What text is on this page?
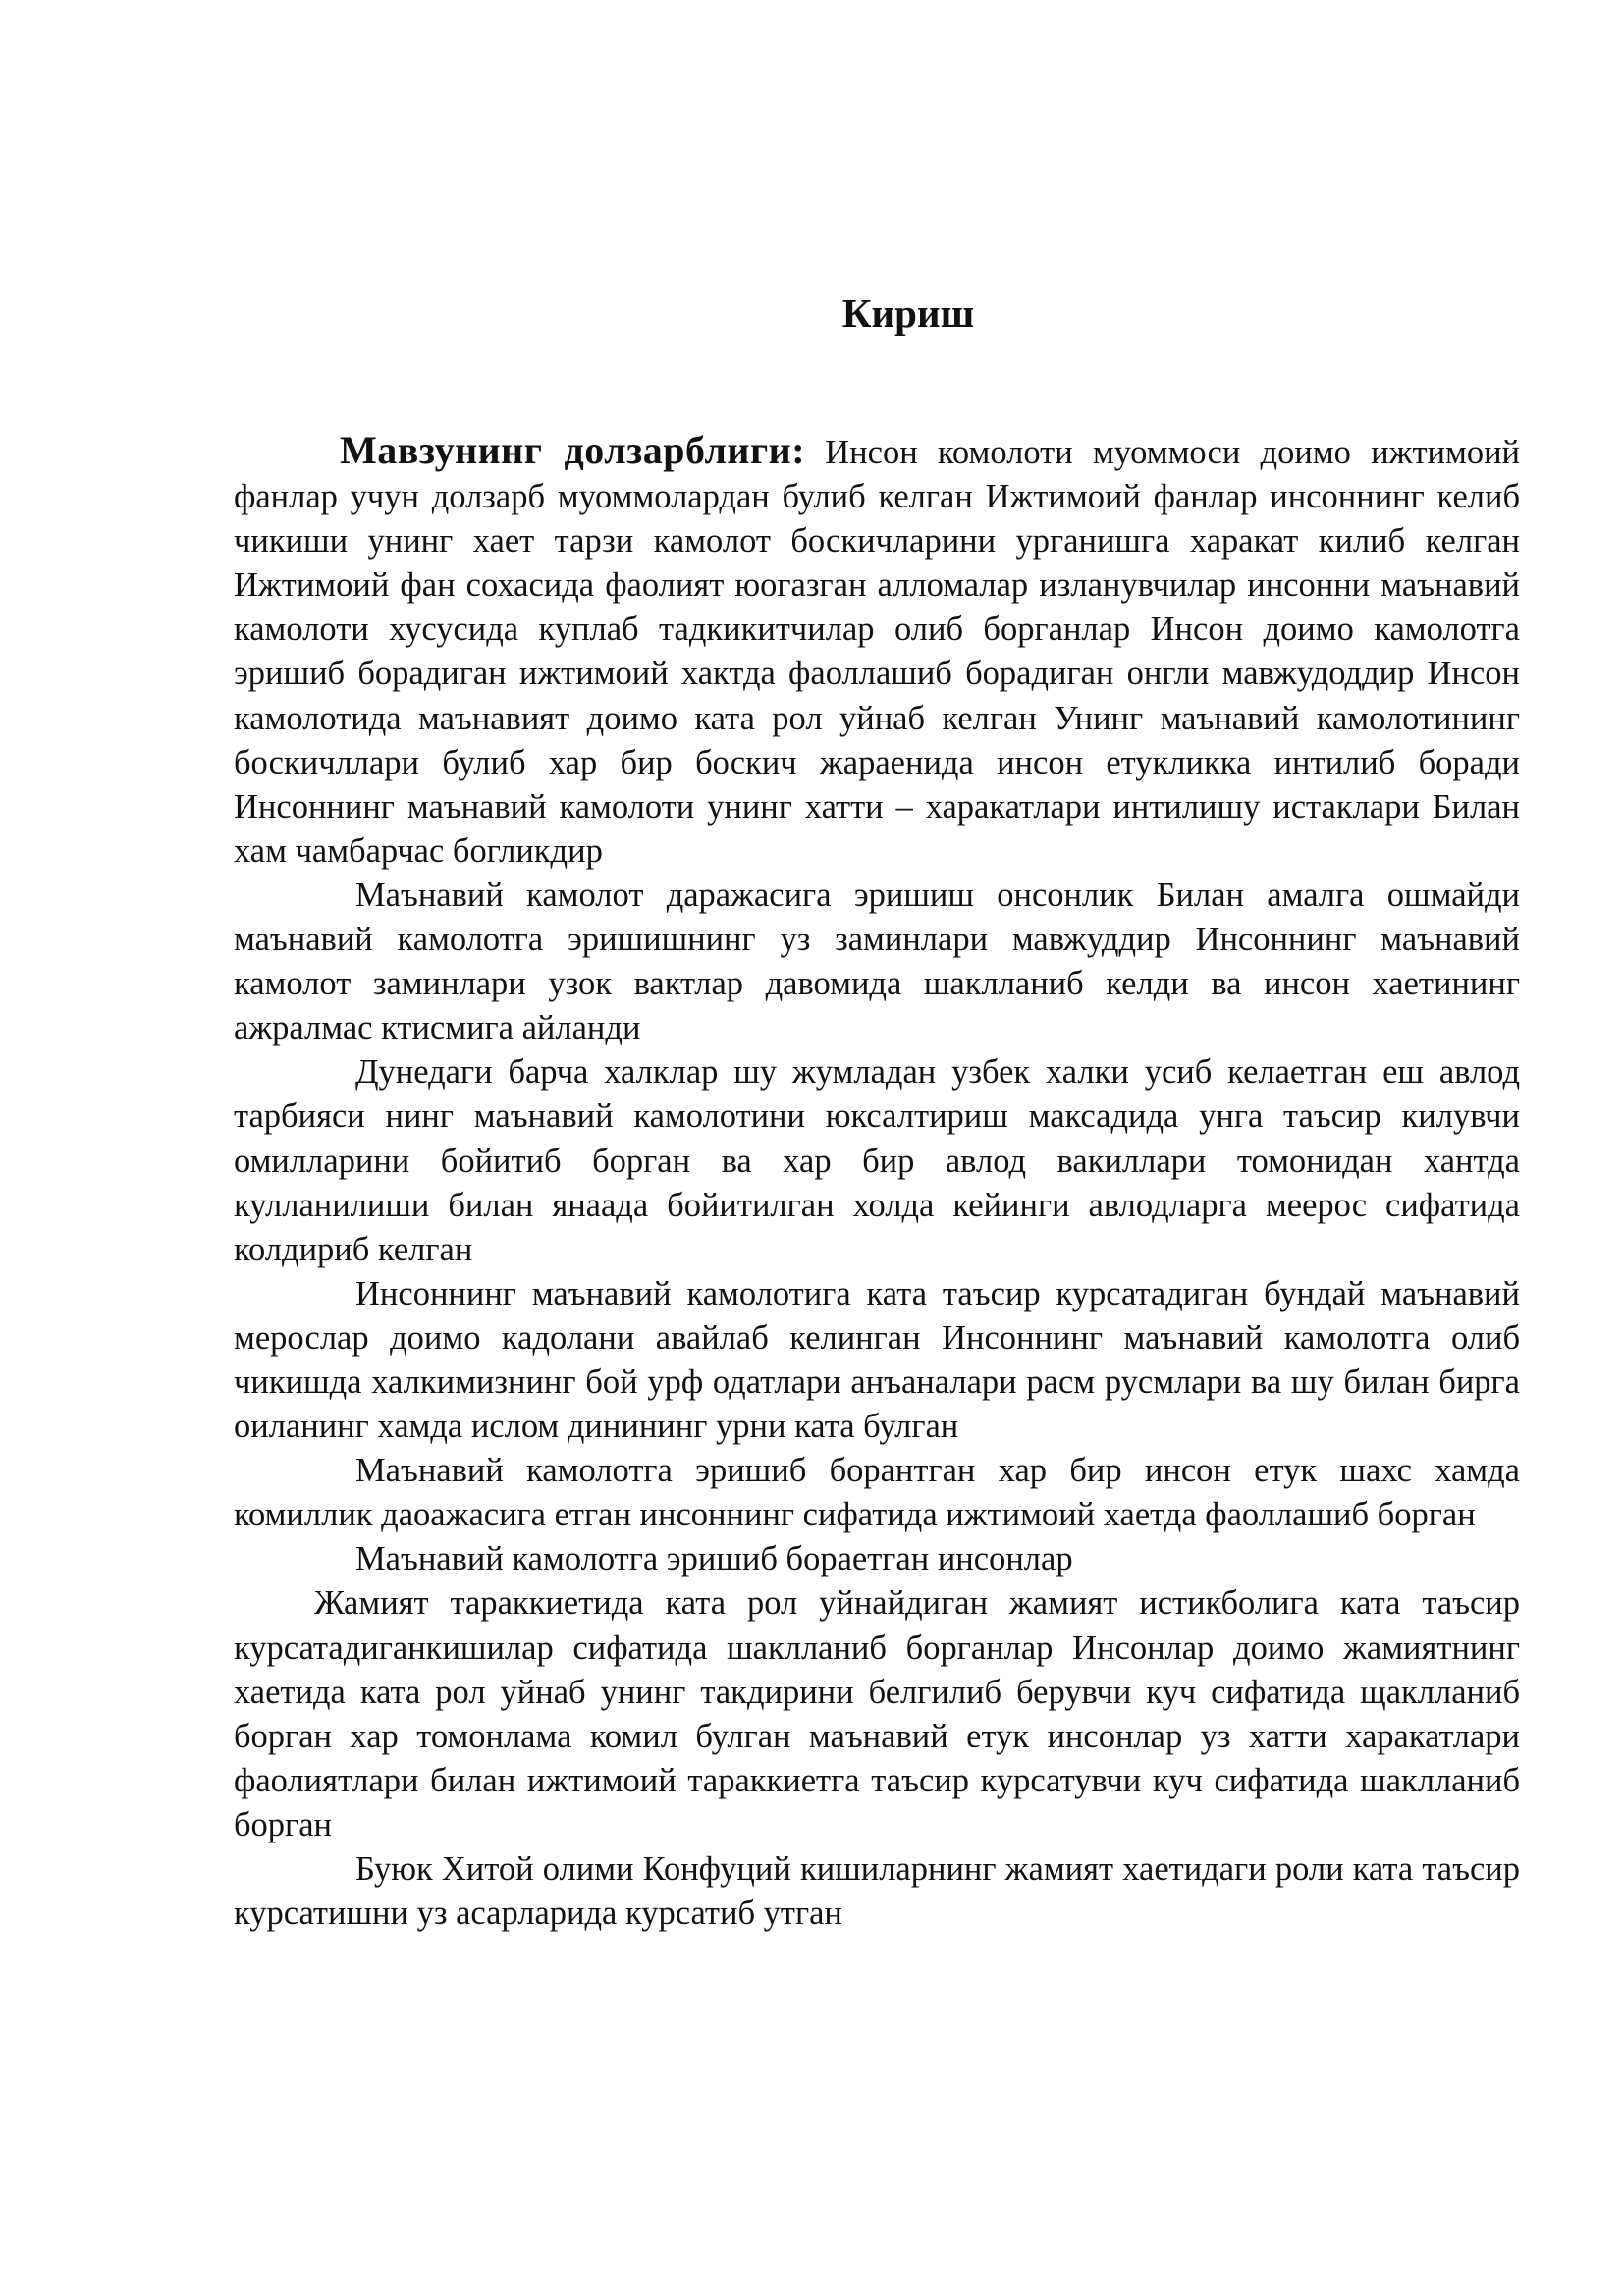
Кириш

Мавзунинг долзарблиги: Инсон комолоти муоммоси доимо ижтимоий фанлар учун долзарб муоммолардан булиб келган Ижтимоий фанлар инсоннинг келиб чикиши унинг хает тарзи камолот боскичларини урганишга харакат килиб келган Ижтимоий фан сохасида фаолият юогазган алломалар изланувчилар инсонни маънавий камолоти хусусида куплаб тадкикитчилар олиб борганлар Инсон доимо камолотга эришиб борадиган ижтимоий хактда фаоллашиб борадиган онгли мавжудоддир Инсон камолотида маънавият доимо ката рол уйнаб келган Унинг маънавий камолотининг боскичллари булиб хар бир боскич жараенида инсон етукликка интилиб боради Инсоннинг маънавий камолоти унинг хатти – харакатлари интилишу истаклари Билан хам чамбарчас богликдир

Маънавий камолот даражасига эришиш онсонлик Билан амалга ошмайди маънавий камолотга эришишнинг уз заминлари мавжуддир Инсоннинг маънавий камолот заминлари узок вактлар давомида шаклланиб келди ва инсон хаетининг ажралмас ктисмига айланди

Дунедаги барча халклар шу жумладан узбек халки усиб келаетган еш авлод тарбияси нинг маънавий камолотини юксалтириш максадида унга таъсир килувчи омилларини бойитиб борган ва хар бир авлод вакиллари томонидан хантда кулланилиши билан янаада бойитилган холда кейинги авлодларга меерос сифатида колдириб келган

Инсоннинг маънавий камолотига ката таъсир курсатадиган бундай маънавий мерослар доимо кадолани авайлаб келинган Инсоннинг маънавий камолотга олиб чикишда халкимизнинг бой урф одатлари анъаналари расм русмлари ва шу билан бирга оиланинг хамда ислом динининг урни ката булган

Маънавий камолотга эришиб борантган хар бир инсон етук шахс хамда комиллик даоажасига етган инсоннинг сифатида ижтимоий хаетда фаоллашиб борган

Маънавий камолотга эришиб бораетган инсонлар

Жамият тараккиетида ката рол уйнайдиган жамият истикболига ката таъсир курсатадиганкишилар сифатида шаклланиб борганлар Инсонлар доимо жамиятнинг хаетида ката рол уйнаб унинг такдирини белгилиб берувчи куч сифатида щаклланиб борган хар томонлама комил булган маънавий етук инсонлар уз хатти харакатлари фаолиятлари билан ижтимоий тараккиетга таъсир курсатувчи куч сифатида шаклланиб борган

Буюк Хитой олими Конфуций кишиларнинг жамият хаетидаги роли ката таъсир курсатишни уз асарларида курсатиб утган
